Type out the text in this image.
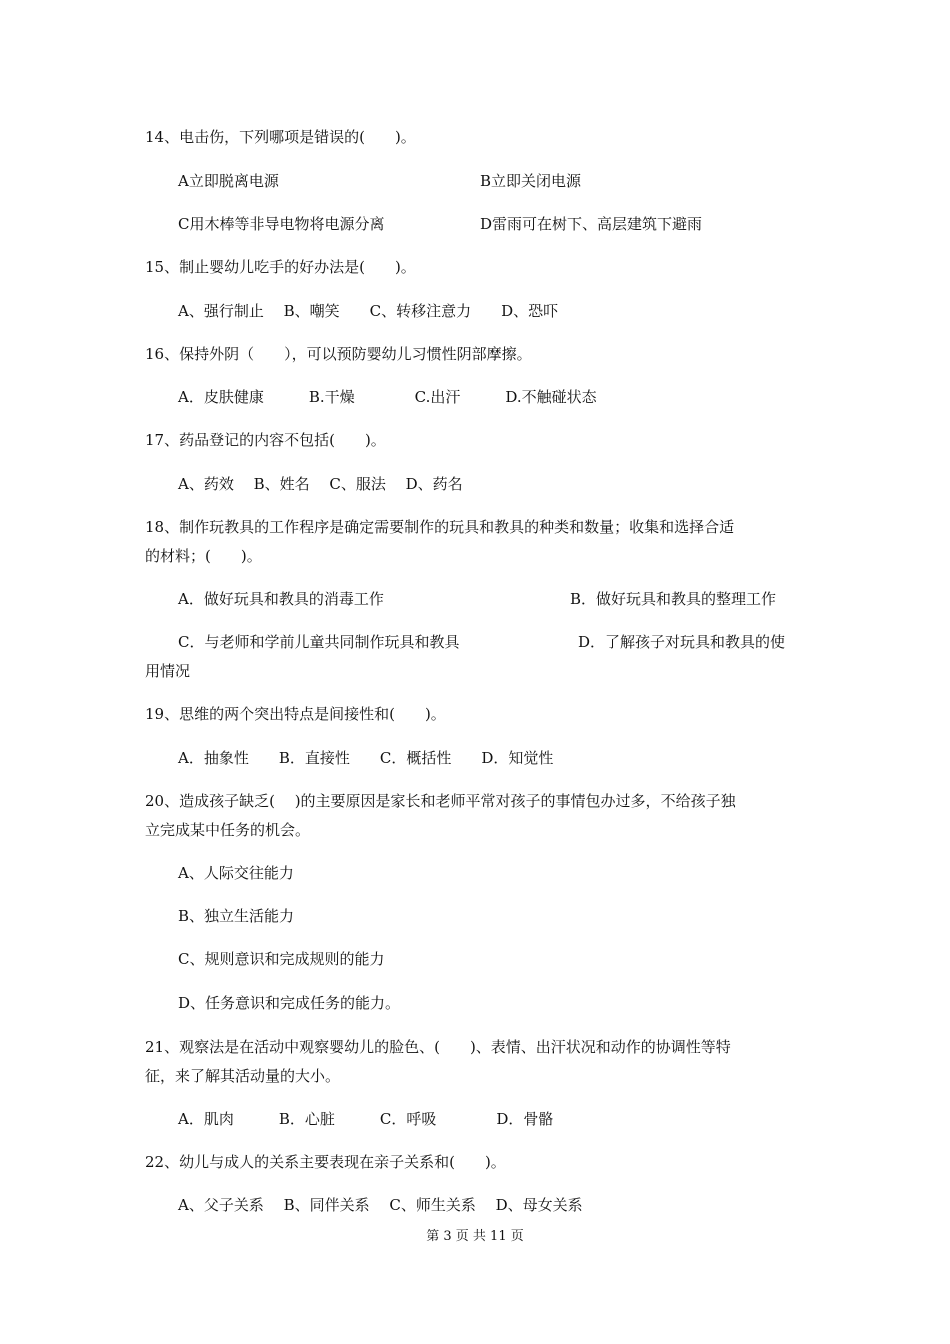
14、电击伤，下列哪项是错误的(　　)。

A立即脱离电源	B立即关闭电源

C用木棒等非导电物将电源分离	D雷雨可在树下、高层建筑下避雨

15、制止婴幼儿吃手的好办法是(　　)。

A、强行制止　 B、嘲笑　　C、转移注意力　　D、恐吓

16、保持外阴（　　），可以预防婴幼儿习惯性阴部摩擦。

A．皮肤健康　　　B.干燥　　　　C.出汗　　　D.不触碰状态

17、药品登记的内容不包括(　　)。

A、药效　 B、姓名　 C、服法　 D、药名

18、制作玩教具的工作程序是确定需要制作的玩具和教具的种类和数量；收集和选择合适

的材料；(　　)。

A．做好玩具和教具的消毒工作	B．做好玩具和教具的整理工作

C．与老师和学前儿童共同制作玩具和教具	D．了解孩子对玩具和教具的使

用情况

19、思维的两个突出特点是间接性和(　　)。

A．抽象性　　B．直接性　　C．概括性　　D．知觉性

20、造成孩子缺乏(　 )的主要原因是家长和老师平常对孩子的事情包办过多，不给孩子独

立完成某中任务的机会。

A、人际交往能力

B、独立生活能力

C、规则意识和完成规则的能力

D、任务意识和完成任务的能力。

21、观察法是在活动中观察婴幼儿的脸色、(　　)、表情、出汗状况和动作的协调性等特

征，来了解其活动量的大小。

A．肌肉　　　B．心脏　　　C．呼吸　　　　D．骨骼

22、幼儿与成人的关系主要表现在亲子关系和(　　)。

A、父子关系　 B、同伴关系　 C、师生关系　 D、母女关系

第 3 页 共 11 页
